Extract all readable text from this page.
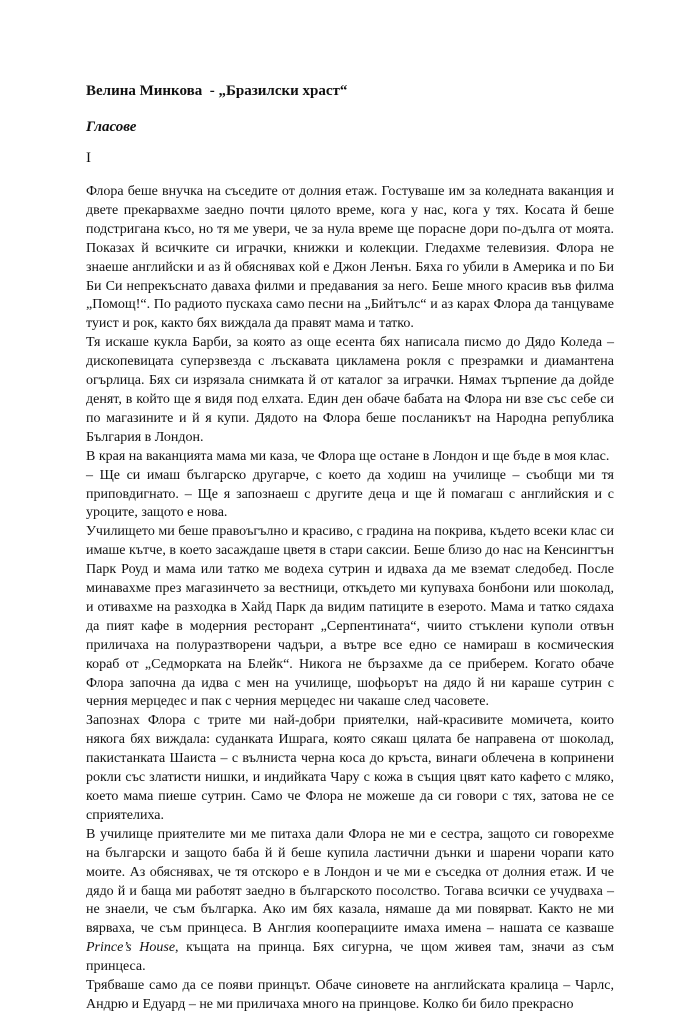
Велина Минкова  - „Бразилски храст“
Гласове
I

Флора беше внучка на съседите от долния етаж. Гостуваше им за коледната ваканция и двете прекарвахме заедно почти цялото време, кога у нас, кога у тях. Косата й беше подстригана късо, но тя ме увери, че за нула време ще порасне дори по-дълга от моята. Показах й всичките си играчки, книжки и колекции. Гледахме телевизия. Флора не знаеше английски и аз й обяснявах кой е Джон Ленън. Бяха го убили в Америка и по Би Би Си непрекъснато даваха филми и предавания за него. Беше много красив във филма „Помощ!“. По радиото пускаха само песни на „Бийтълс“ и аз карах Флора да танцуваме туист и рок, както бях виждала да правят мама и татко.

Тя искаше кукла Барби, за която аз още есента бях написала писмо до Дядо Коледа – дископевицата суперзвезда с лъскавата цикламена рокля с презрамки и диамантена огърлица. Бях си изрязала снимката й от каталог за играчки. Нямах търпение да дойде денят, в който ще я видя под елхата. Един ден обаче бабата на Флора ни взе със себе си по магазините и й я купи. Дядото на Флора беше посланикът на Народна република България в Лондон.

В края на ваканцията мама ми каза, че Флора ще остане в Лондон и ще бъде в моя клас.

– Ще си имаш българско другарче, с което да ходиш на училище – съобщи ми тя приповдигнато. – Ще я запознаеш с другите деца и ще й помагаш с английския и с уроците, защото е нова.

Училището ми беше правоъгълно и красиво, с градина на покрива, където всеки клас си имаше кътче, в което засаждаше цветя в стари саксии. Беше близо до нас на Кенсингтън Парк Роуд и мама или татко ме водеха сутрин и идваха да ме вземат следобед. После минавахме през магазинчето за вестници, откъдето ми купуваха бонбони или шоколад, и отивахме на разходка в Хайд Парк да видим патиците в езерото. Мама и татко сядаха да пият кафе в модерния ресторант „Серпентината“, чиито стъклени куполи отвън приличаха на полуразтворени чадъри, а вътре все едно се намираш в космическия кораб от „Седморката на Блейк“. Никога не бързахме да се приберем. Когато обаче Флора започна да идва с мен на училище, шофьорът на дядо й ни караше сутрин с черния мерцедес и пак с черния мерцедес ни чакаше след часовете.

Запознах Флора с трите ми най-добри приятелки, най-красивите момичета, които някога бях виждала: суданката Ишрага, която сякаш цялата бе направена от шоколад, пакистанката Шаиста – с вълниста черна коса до кръста, винаги облечена в копринени рокли със златисти нишки, и индийката Чару с кожа в същия цвят като кафето с мляко, което мама пиеше сутрин. Само че Флора не можеше да си говори с тях, затова не се сприятелиха.

В училище приятелите ми ме питаха дали Флора не ми е сестра, защото си говорехме на български и защото баба й й беше купила ластични дънки и шарени чорапи като моите. Аз обяснявах, че тя отскоро е в Лондон и че ми е съседка от долния етаж. И че дядо й и баща ми работят заедно в българското посолство. Тогава всички се учудваха – не знаели, че съм българка. Ако им бях казала, нямаше да ми повярват. Както не ми вярваха, че съм принцеса. В Англия кооперациите имаха имена – нашата се казваше Prince’s House, къщата на принца. Бях сигурна, че щом живея там, значи аз съм принцеса.

Трябваше само да се появи принцът. Обаче синовете на английската кралица – Чарлс, Андрю и Едуард – не ми приличаха много на принцове. Колко би било прекрасно
